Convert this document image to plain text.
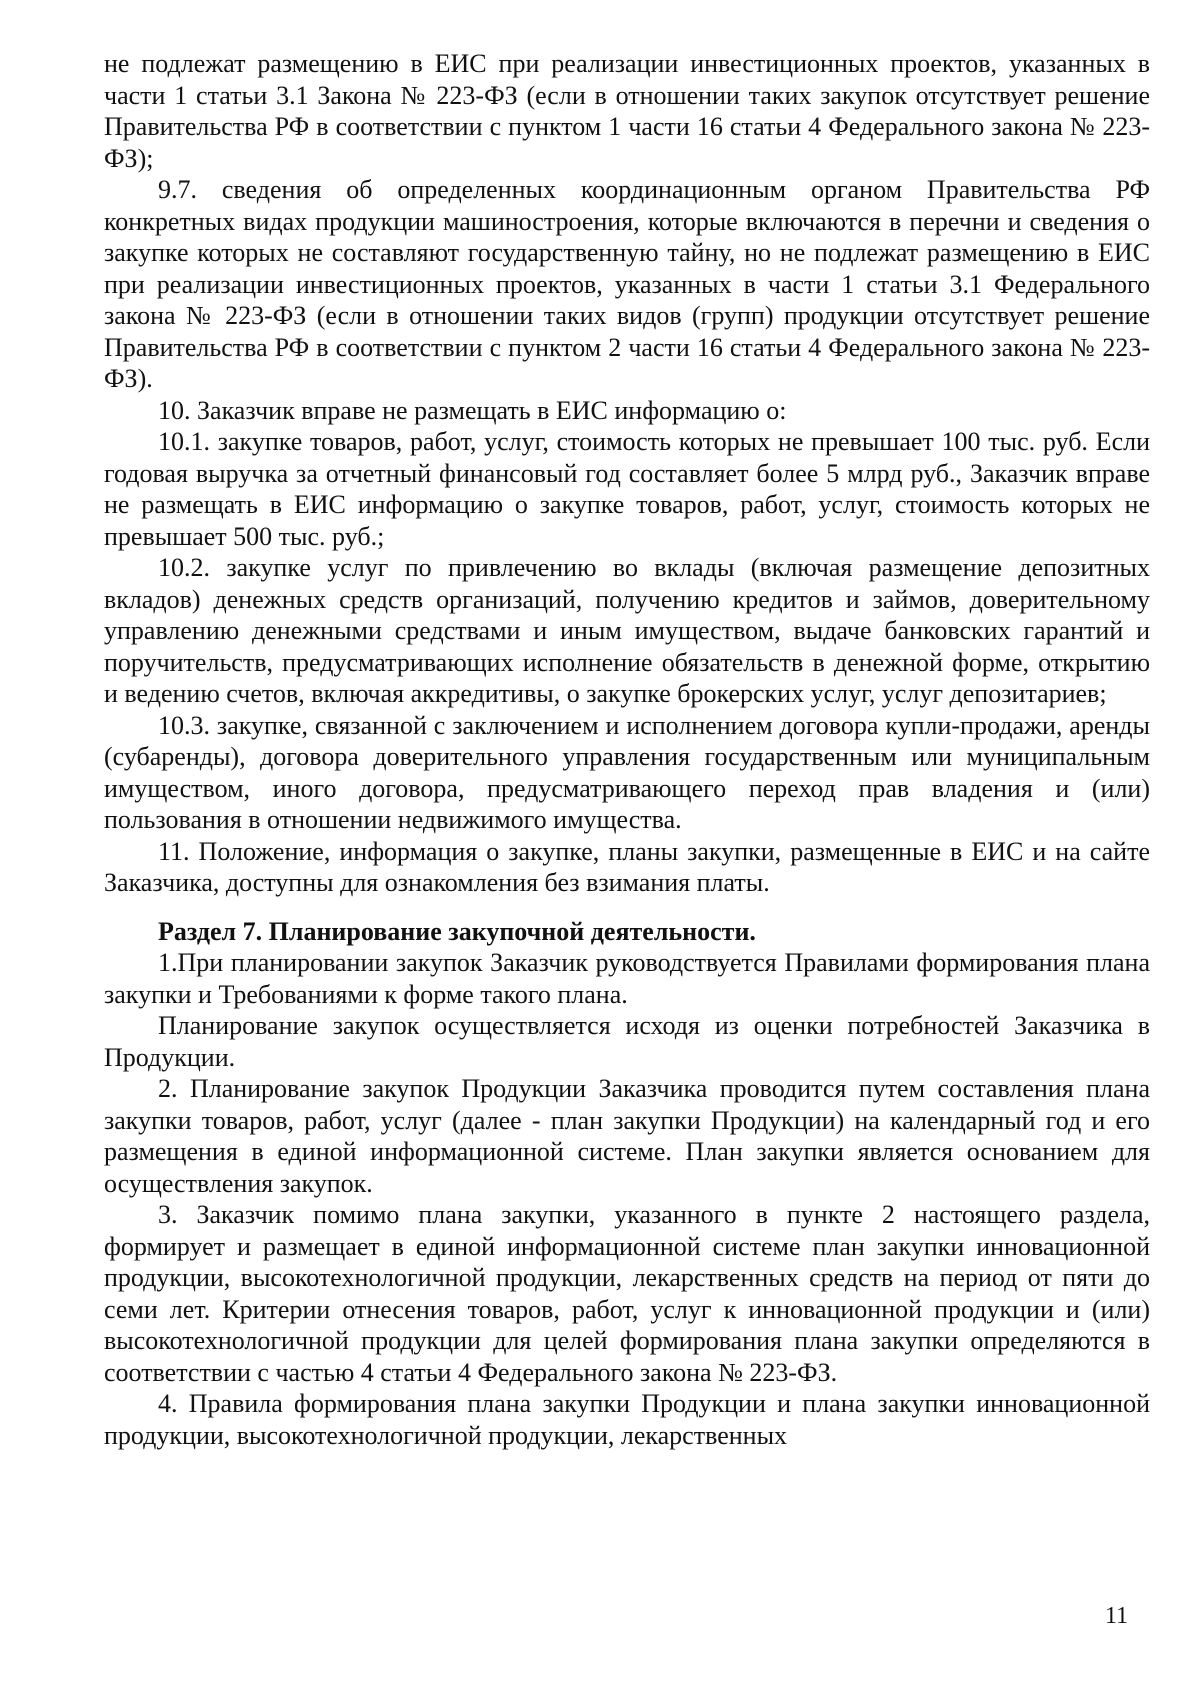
не подлежат размещению в ЕИС при реализации инвестиционных проектов, указанных в части 1 статьи 3.1 Закона № 223-ФЗ (если в отношении таких закупок отсутствует решение Правительства РФ в соответствии с пунктом 1 части 16 статьи 4 Федерального закона № 223-ФЗ);

9.7. сведения об определенных координационным органом Правительства РФ конкретных видах продукции машиностроения, которые включаются в перечни и сведения о закупке которых не составляют государственную тайну, но не подлежат размещению в ЕИС при реализации инвестиционных проектов, указанных в части 1 статьи 3.1 Федерального закона № 223-ФЗ (если в отношении таких видов (групп) продукции отсутствует решение Правительства РФ в соответствии с пунктом 2 части 16 статьи 4 Федерального закона № 223-ФЗ).

10. Заказчик вправе не размещать в ЕИС информацию о:

10.1. закупке товаров, работ, услуг, стоимость которых не превышает 100 тыс. руб. Если годовая выручка за отчетный финансовый год составляет более 5 млрд руб., Заказчик вправе не размещать в ЕИС информацию о закупке товаров, работ, услуг, стоимость которых не превышает 500 тыс. руб.;

10.2. закупке услуг по привлечению во вклады (включая размещение депозитных вкладов) денежных средств организаций, получению кредитов и займов, доверительному управлению денежными средствами и иным имуществом, выдаче банковских гарантий и поручительств, предусматривающих исполнение обязательств в денежной форме, открытию и ведению счетов, включая аккредитивы, о закупке брокерских услуг, услуг депозитариев;

10.3. закупке, связанной с заключением и исполнением договора купли-продажи, аренды (субаренды), договора доверительного управления государственным или муниципальным имуществом, иного договора, предусматривающего переход прав владения и (или) пользования в отношении недвижимого имущества.

11. Положение, информация о закупке, планы закупки, размещенные в ЕИС и на сайте Заказчика, доступны для ознакомления без взимания платы.

Раздел 7. Планирование закупочной деятельности.

1.При планировании закупок Заказчик руководствуется Правилами формирования плана закупки и Требованиями к форме такого плана.

Планирование закупок осуществляется исходя из оценки потребностей Заказчика в Продукции.

2. Планирование закупок Продукции Заказчика проводится путем составления плана закупки товаров, работ, услуг (далее - план закупки Продукции) на календарный год и его размещения в единой информационной системе. План закупки является основанием для осуществления закупок.

3. Заказчик помимо плана закупки, указанного в пункте 2 настоящего раздела, формирует и размещает в единой информационной системе план закупки инновационной продукции, высокотехнологичной продукции, лекарственных средств на период от пяти до семи лет. Критерии отнесения товаров, работ, услуг к инновационной продукции и (или) высокотехнологичной продукции для целей формирования плана закупки определяются в соответствии с частью 4 статьи 4 Федерального закона № 223-ФЗ.

4. Правила формирования плана закупки Продукции и плана закупки инновационной продукции, высокотехнологичной продукции, лекарственных

11
